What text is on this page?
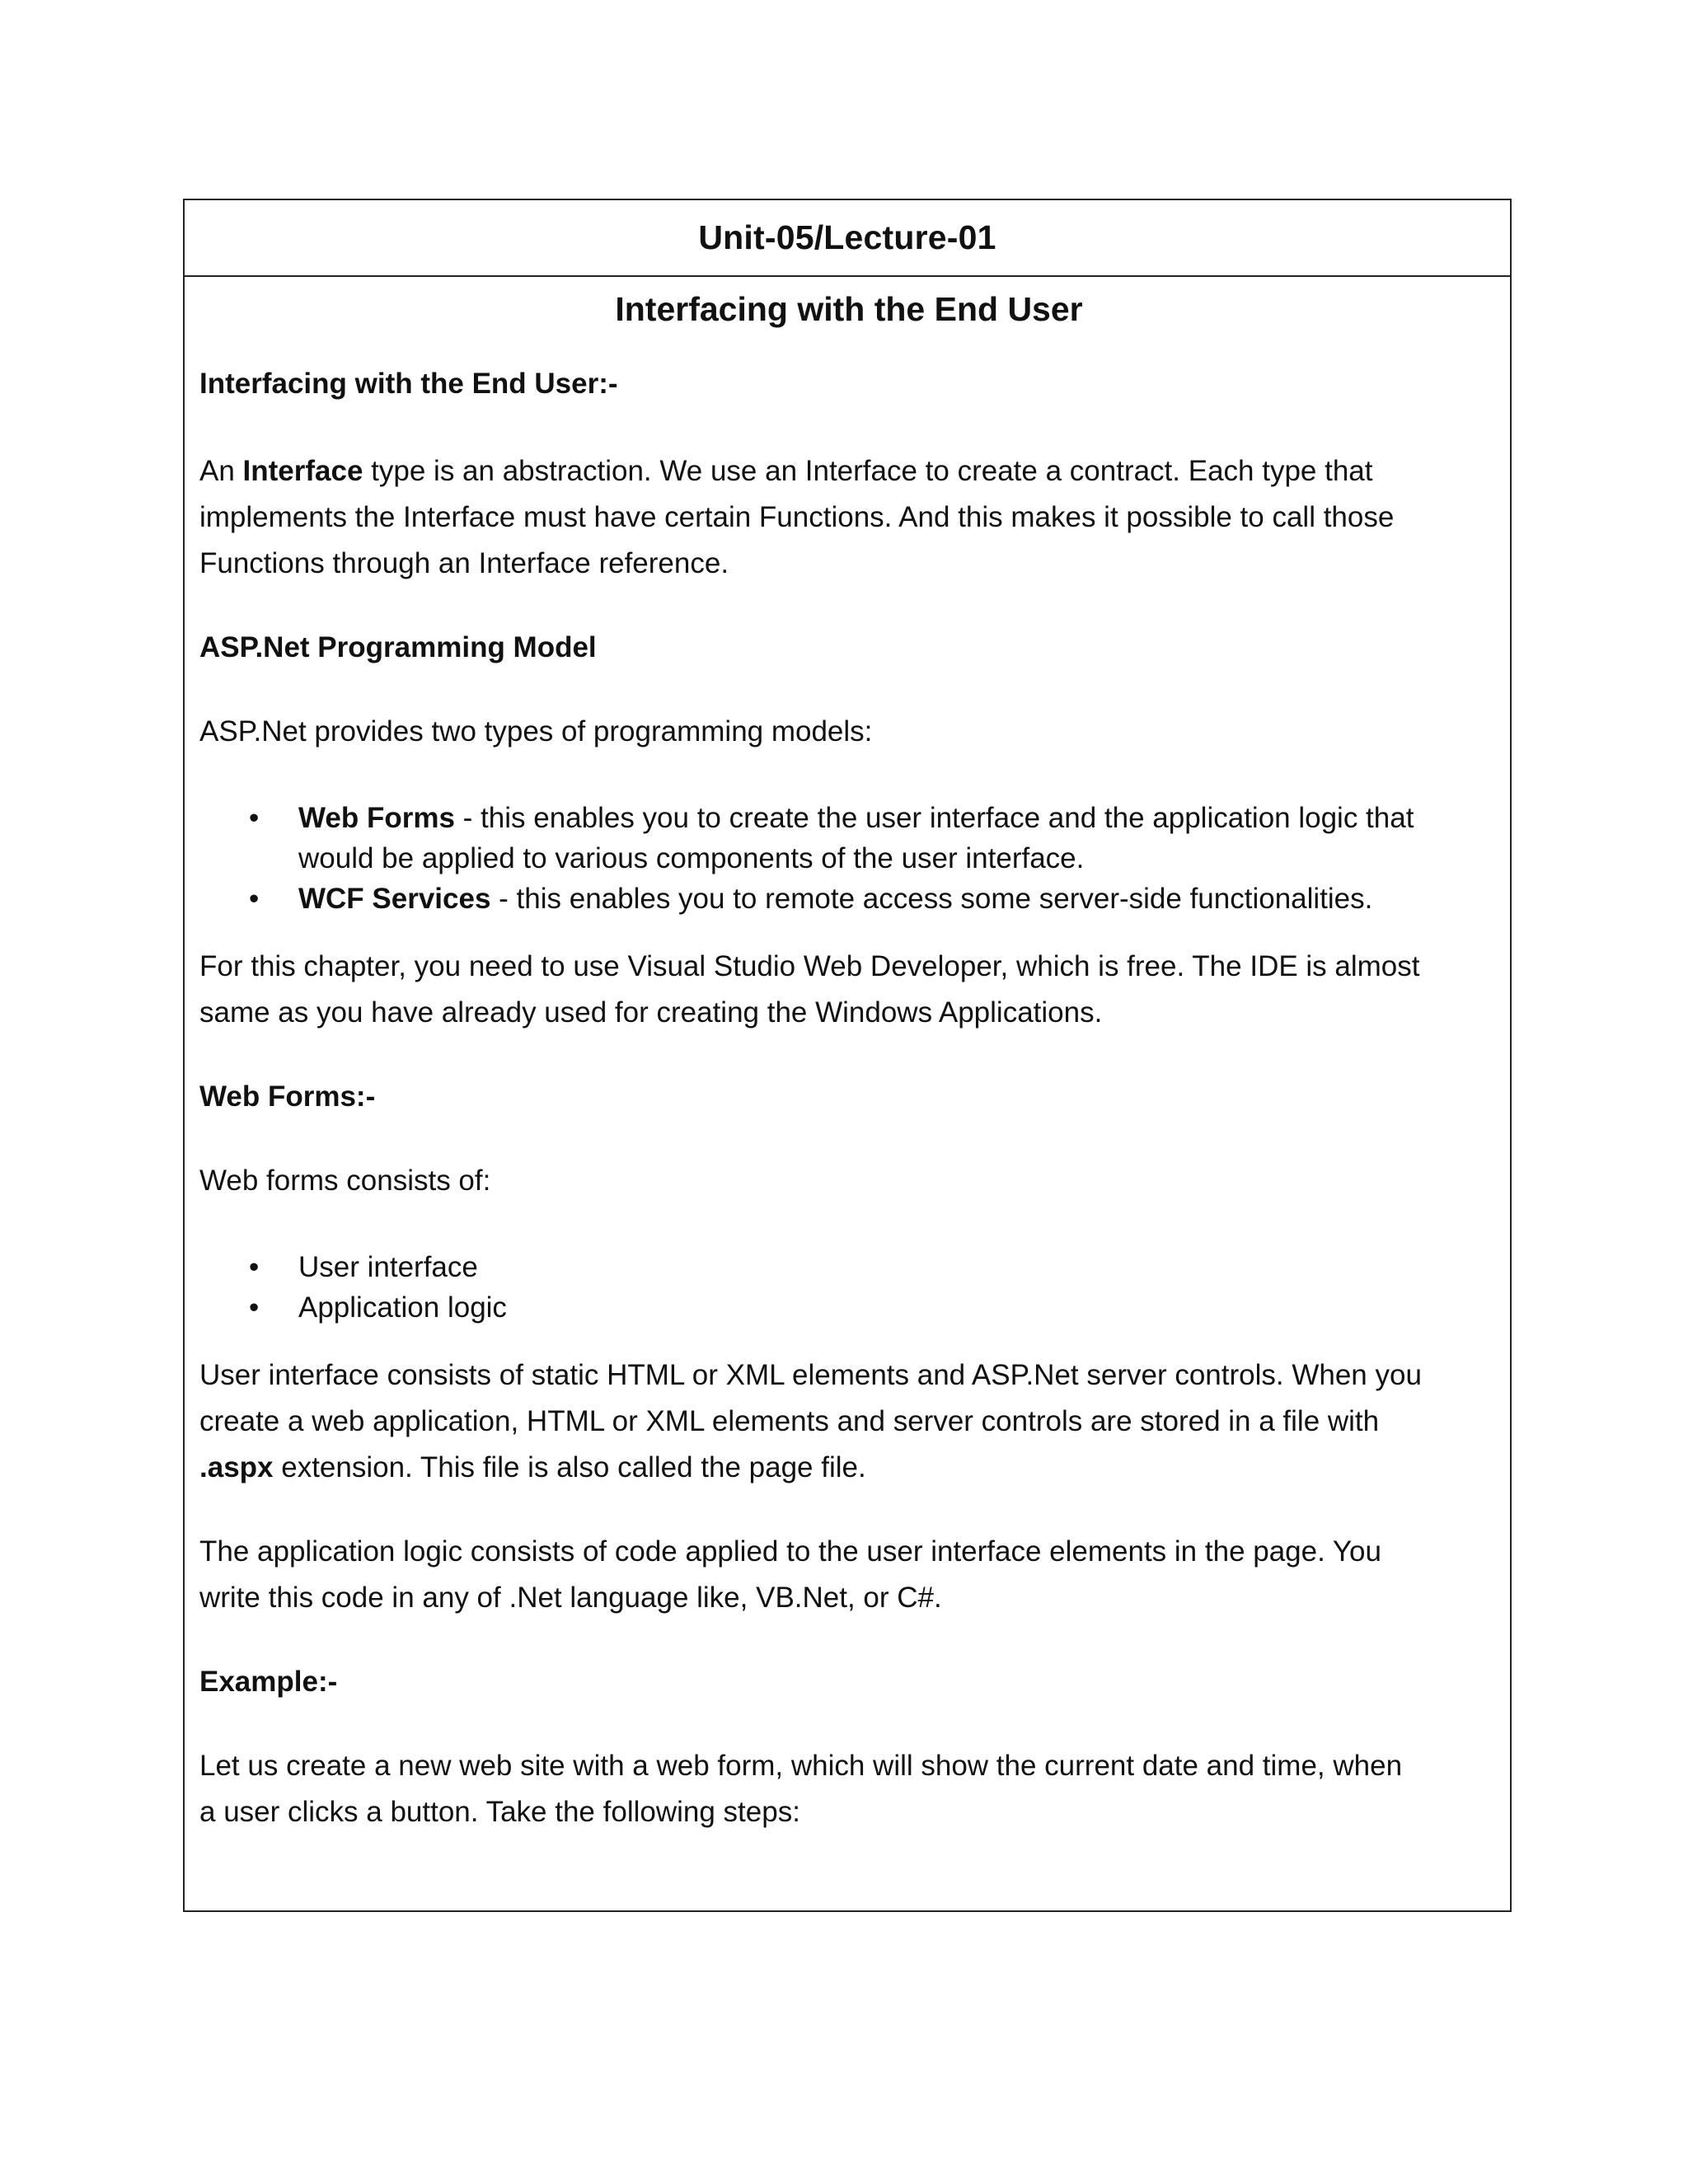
Unit-05/Lecture-01

Interfacing with the End User

Interfacing with the End User:-

An Interface type is an abstraction. We use an Interface to create a contract. Each type that
implements the Interface must have certain Functions. And this makes it possible to call those
Functions through an Interface reference.

ASP.Net Programming Model

ASP.Net provides two types of programming models:

• Web Forms - this enables you to create the user interface and the application logic that
would be applied to various components of the user interface.
• WCF Services - this enables you to remote access some server-side functionalities.

For this chapter, you need to use Visual Studio Web Developer, which is free. The IDE is almost
same as you have already used for creating the Windows Applications.

Web Forms:-

Web forms consists of:

• User interface
• Application logic

User interface consists of static HTML or XML elements and ASP.Net server controls. When you
create a web application, HTML or XML elements and server controls are stored in a file with
.aspx extension. This file is also called the page file.

The application logic consists of code applied to the user interface elements in the page. You
write this code in any of .Net language like, VB.Net, or C#.

Example:-

Let us create a new web site with a web form, which will show the current date and time, when
a user clicks a button. Take the following steps:
